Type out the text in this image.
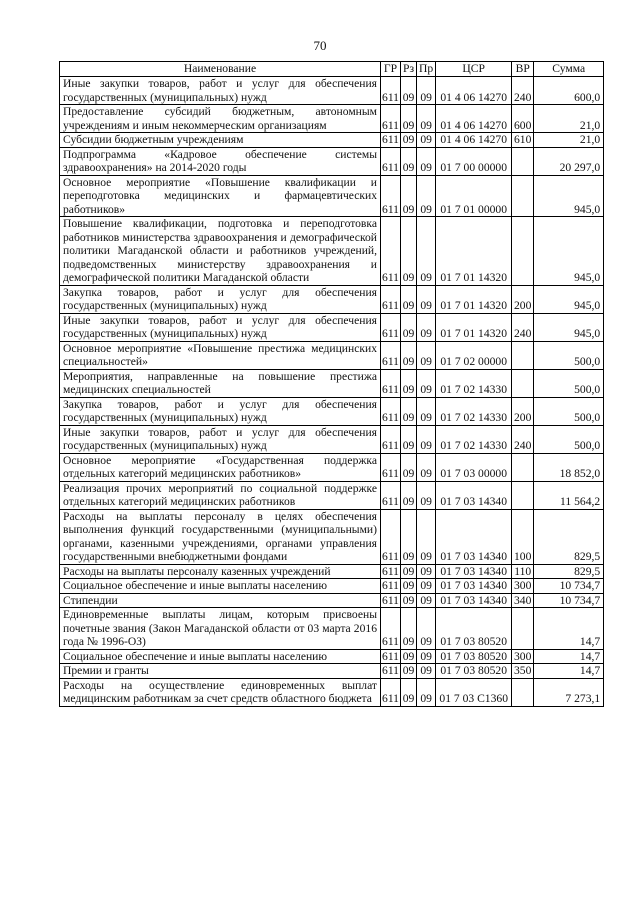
70
Наименование	ГР	Рз	Пр	ЦСР	ВР	Сумма
Иные закупки товаров, работ и услуг для обеспечения государственных (муниципальных) нужд	611	09	09	01 4 06 14270	240	600,0
Предоставление субсидий бюджетным, автономным учреждениям и иным некоммерческим организациям	611	09	09	01 4 06 14270	600	21,0
Субсидии бюджетным учреждениям	611	09	09	01 4 06 14270	610	21,0
Подпрограмма «Кадровое обеспечение системы здравоохранения» на 2014-2020 годы	611	09	09	01 7 00 00000		20 297,0
Основное мероприятие «Повышение квалификации и переподготовка медицинских и фармацевтических работников»	611	09	09	01 7 01 00000		945,0
Повышение квалификации, подготовка и переподготовка работников министерства здравоохранения и демографической политики Магаданской области и работников учреждений, подведомственных министерству здравоохранения и демографической политики Магаданской области	611	09	09	01 7 01 14320		945,0
Закупка товаров, работ и услуг для обеспечения государственных (муниципальных) нужд	611	09	09	01 7 01 14320	200	945,0
Иные закупки товаров, работ и услуг для обеспечения государственных (муниципальных) нужд	611	09	09	01 7 01 14320	240	945,0
Основное мероприятие «Повышение престижа медицинских специальностей»	611	09	09	01 7 02 00000		500,0
Мероприятия, направленные на повышение престижа медицинских специальностей	611	09	09	01 7 02 14330		500,0
Закупка товаров, работ и услуг для обеспечения государственных (муниципальных) нужд	611	09	09	01 7 02 14330	200	500,0
Иные закупки товаров, работ и услуг для обеспечения государственных (муниципальных) нужд	611	09	09	01 7 02 14330	240	500,0
Основное мероприятие «Государственная поддержка отдельных категорий медицинских работников»	611	09	09	01 7 03 00000		18 852,0
Реализация прочих мероприятий по социальной поддержке отдельных категорий медицинских работников	611	09	09	01 7 03 14340		11 564,2
Расходы на выплаты персоналу в целях обеспечения выполнения функций государственными (муниципальными) органами, казенными учреждениями, органами управления государственными внебюджетными фондами	611	09	09	01 7 03 14340	100	829,5
Расходы на выплаты персоналу казенных учреждений	611	09	09	01 7 03 14340	110	829,5
Социальное обеспечение и иные выплаты населению	611	09	09	01 7 03 14340	300	10 734,7
Стипендии	611	09	09	01 7 03 14340	340	10 734,7
Единовременные выплаты лицам, которым присвоены почетные звания (Закон Магаданской области от 03 марта 2016 года № 1996-ОЗ)	611	09	09	01 7 03 80520		14,7
Социальное обеспечение и иные выплаты населению	611	09	09	01 7 03 80520	300	14,7
Премии и гранты	611	09	09	01 7 03 80520	350	14,7
Расходы на осуществление единовременных выплат медицинским работникам за счет средств областного бюджета	611	09	09	01 7 03 С1360		7 273,1
